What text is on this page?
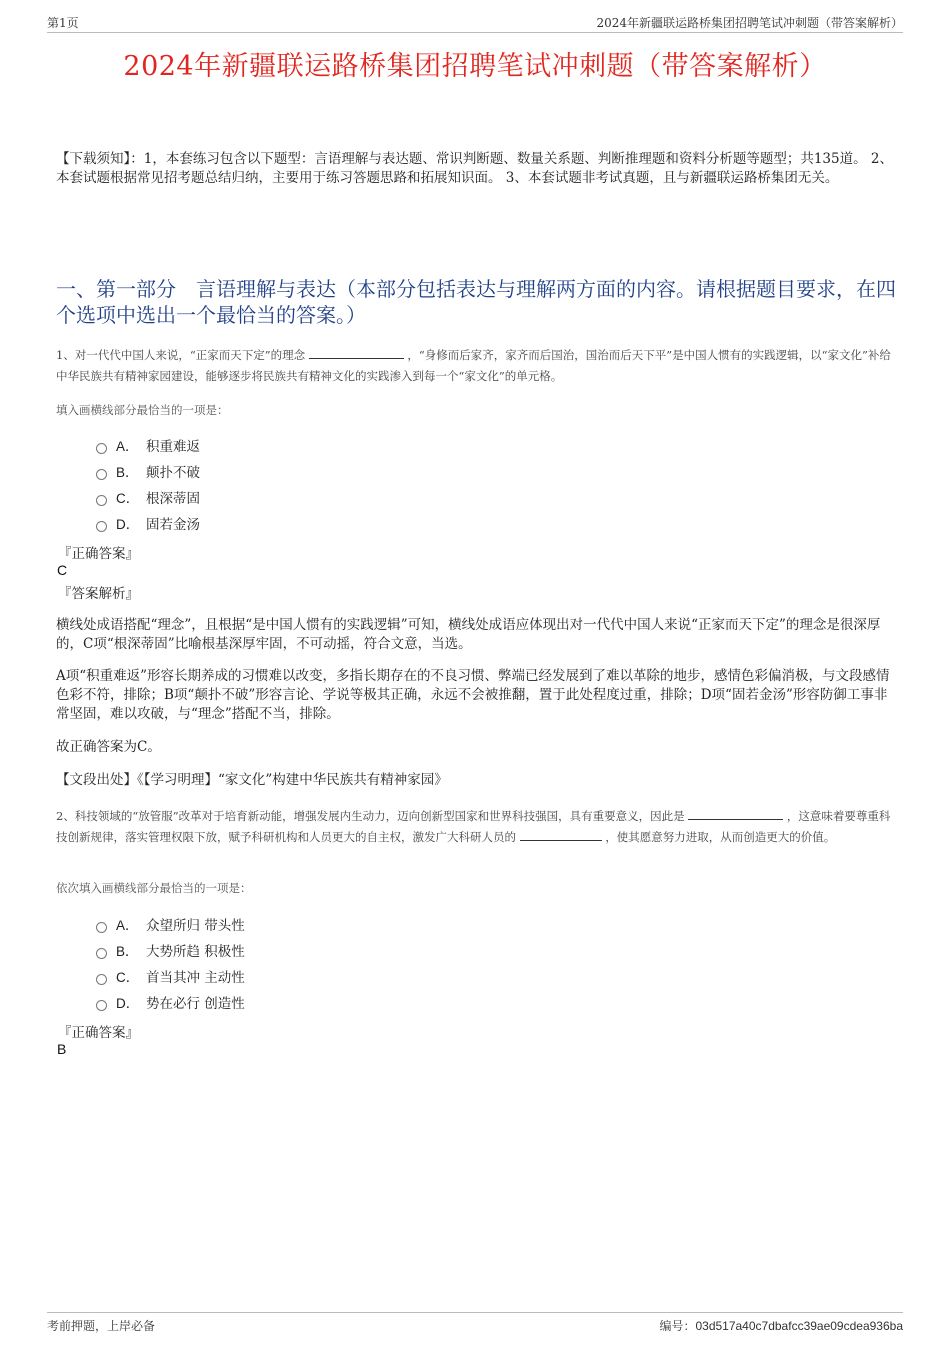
第1页	2024年新疆联运路桥集团招聘笔试冲刺题（带答案解析）
2024年新疆联运路桥集团招聘笔试冲刺题（带答案解析）
【下载须知】：1，本套练习包含以下题型：言语理解与表达题、常识判断题、数量关系题、判断推理题和资料分析题等题型；共135道。 2、本套试题根据常见招考题总结归纳，主要用于练习答题思路和拓展知识面。 3、本套试题非考试真题，且与新疆联运路桥集团无关。
一、第一部分　言语理解与表达（本部分包括表达与理解两方面的内容。请根据题目要求，在四个选项中选出一个最恰当的答案。）
1、对一代代中国人来说，“正家而天下定”的理念	，“身修而后家齐，家齐而后国治，国治而后天下平”是中国人惯有的实践逻辑，以“家文化”补给中华民族共有精神家园建设，能够逐步将民族共有精神文化的实践渗入到每一个“家文化”的单元格。
填入画横线部分最恰当的一项是：
A． 积重难返
B． 颠扑不破
C． 根深蒂固
D． 固若金汤
『正确答案』
C
『答案解析』
横线处成语搭配“理念”，且根据“是中国人惯有的实践逻辑”可知，横线处成语应体现出对一代代中国人来说“正家而天下定”的理念是很深厚的，C项“根深蒂固”比喻根基深厚牢固，不可动摇，符合文意，当选。
A项“积重难返”形容长期养成的习惯难以改变，多指长期存在的不良习惯、弊端已经发展到了难以革除的地步，感情色彩偏消极，与文段感情色彩不符，排除；B项“颠扑不破”形容言论、学说等极其正确，永远不会被推翻，置于此处程度过重，排除；D项“固若金汤”形容防御工事非常坚固，难以攻破，与“理念”搭配不当，排除。
故正确答案为C。
【文段出处】《【学习明理】“家文化”构建中华民族共有精神家园》
2、科技领域的“放管服”改革对于培育新动能，增强发展内生动力，迈向创新型国家和世界科技强国，具有重要意义，因此是	，这意味着要尊重科技创新规律，落实管理权限下放，赋予科研机构和人员更大的自主权，激发广大科研人员的	，使其愿意努力进取，从而创造更大的价值。
依次填入画横线部分最恰当的一项是：
A． 众望所归 带头性
B． 大势所趋 积极性
C． 首当其冲 主动性
D． 势在必行 创造性
『正确答案』
B
考前押题，上岸必备	编号：03d517a40c7dbafcc39ae09cdea936ba
